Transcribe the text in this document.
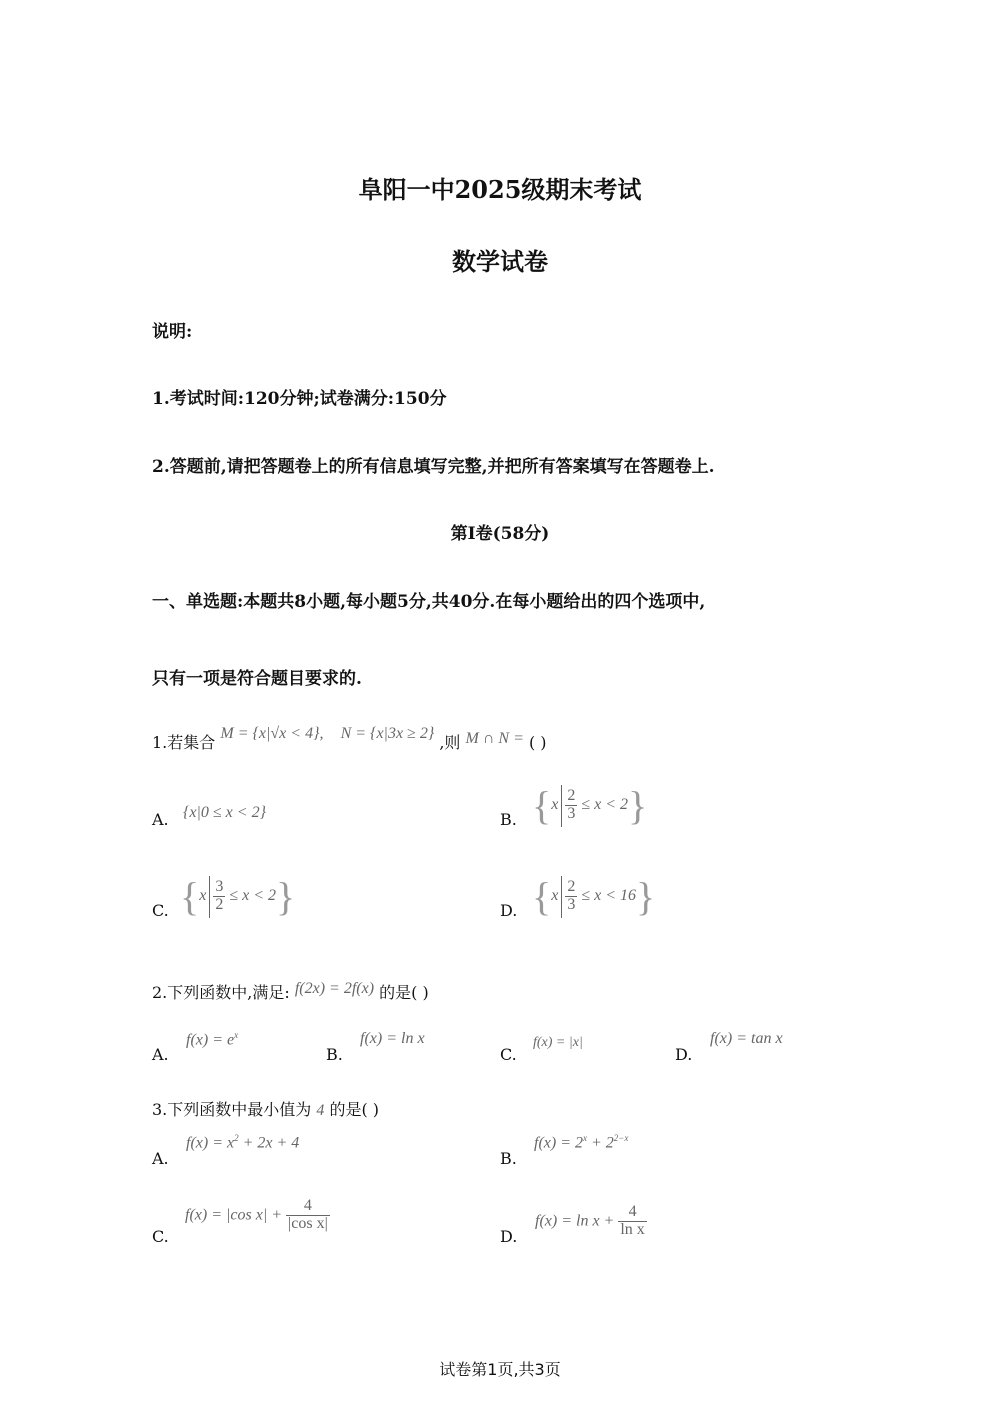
阜阳一中2025级期末考试
数学试卷
说明:
1.考试时间:120分钟;试卷满分:150分
2.答题前,请把答题卷上的所有信息填写完整,并把所有答案填写在答题卷上.
第Ⅰ卷(58分)
一、单选题:本题共8小题,每小题5分,共40分.在每小题给出的四个选项中,
只有一项是符合题目要求的.
1.若集合 M = {x|√x < 4}, N = {x|3x ≥ 2} ,则 M ∩ N = ( )
A. {x|0 ≤ x < 2}	B. $\{x \frac{2}{3} \le x < 2\}$
C. $\{x \frac{3}{2} \le x < 2\}$	D. $\{x \frac{2}{3} \le x < 16\}$
2.下列函数中,满足: f(2x) = 2f(x) 的是( )
A.
$f(x) = e^x$
B.
f(x) = ln x
C.
f(x) = |x|
D.
f(x) = tan x
3.下列函数中最小值为 4 的是( )
A.
$f(x) = x^2 + 2x + 4$
B.
$f(x) = 2^x + 2^{2-x}$
C.
f(x) = |cos $x| + \frac{4}{\text{|cos x|}}$
D.
$f(x) = \ln x + \frac{4}{\text{ln x}}$
试卷第1页,共3页
